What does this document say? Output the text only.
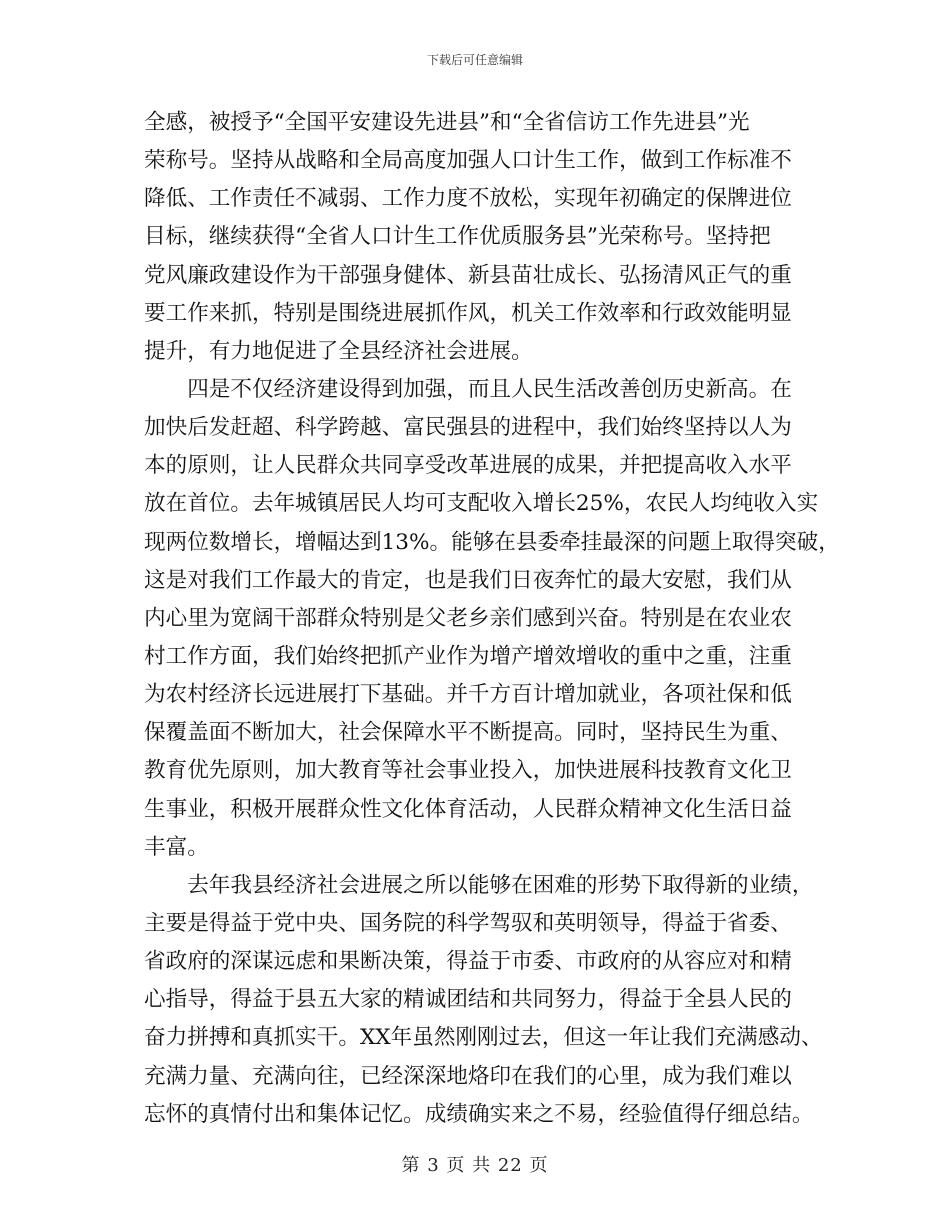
下载后可任意编辑
全感，被授予“全国平安建设先进县”和“全省信访工作先进县”光
荣称号。坚持从战略和全局高度加强人口计生工作，做到工作标准不
降低、工作责任不减弱、工作力度不放松，实现年初确定的保牌进位
目标，继续获得“全省人口计生工作优质服务县”光荣称号。坚持把
党风廉政建设作为干部强身健体、新县苗壮成长、弘扬清风正气的重
要工作来抓，特别是围绕进展抓作风，机关工作效率和行政效能明显
提升，有力地促进了全县经济社会进展。
　　四是不仅经济建设得到加强，而且人民生活改善创历史新高。在
加快后发赶超、科学跨越、富民强县的进程中，我们始终坚持以人为
本的原则，让人民群众共同享受改革进展的成果，并把提高收入水平
放在首位。去年城镇居民人均可支配收入增长25%，农民人均纯收入实
现两位数增长，增幅达到13%。能够在县委牵挂最深的问题上取得突破，
这是对我们工作最大的肯定，也是我们日夜奔忙的最大安慰，我们从
内心里为宽阔干部群众特别是父老乡亲们感到兴奋。特别是在农业农
村工作方面，我们始终把抓产业作为增产增效增收的重中之重，注重
为农村经济长远进展打下基础。并千方百计增加就业，各项社保和低
保覆盖面不断加大，社会保障水平不断提高。同时，坚持民生为重、
教育优先原则，加大教育等社会事业投入，加快进展科技教育文化卫
生事业，积极开展群众性文化体育活动，人民群众精神文化生活日益
丰富。
　　去年我县经济社会进展之所以能够在困难的形势下取得新的业绩，
主要是得益于党中央、国务院的科学驾驭和英明领导，得益于省委、
省政府的深谋远虑和果断决策，得益于市委、市政府的从容应对和精
心指导，得益于县五大家的精诚团结和共同努力，得益于全县人民的
奋力拼搏和真抓实干。XX年虽然刚刚过去，但这一年让我们充满感动、
充满力量、充满向往，已经深深地烙印在我们的心里，成为我们难以
忘怀的真情付出和集体记忆。成绩确实来之不易，经验值得仔细总结。
第 3 页 共 22 页
